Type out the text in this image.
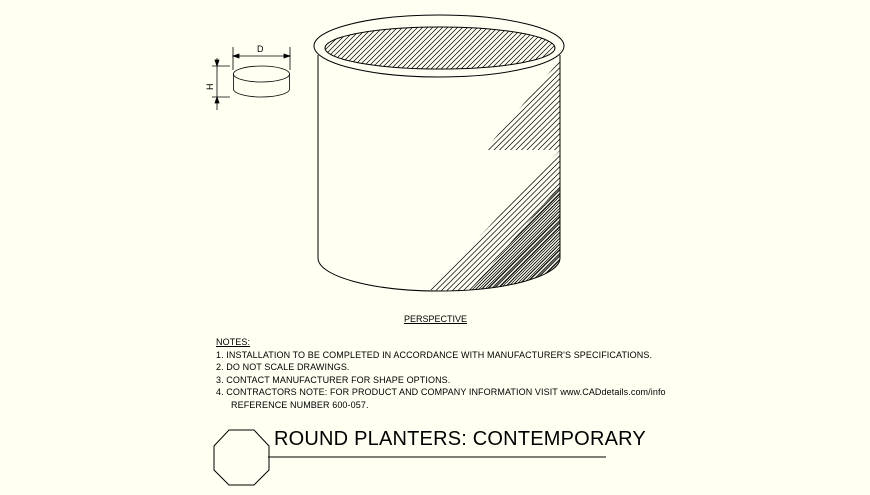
D
H
PERSPECTIVE
NOTES:
1. INSTALLATION TO BE COMPLETED IN ACCORDANCE WITH MANUFACTURER'S SPECIFICATIONS.
2. DO NOT SCALE DRAWINGS.
3. CONTACT MANUFACTURER FOR SHAPE OPTIONS.
4. CONTRACTORS NOTE: FOR PRODUCT AND COMPANY INFORMATION VISIT www.CADdetails.com/info
REFERENCE NUMBER 600-057.
ROUND PLANTERS: CONTEMPORARY
